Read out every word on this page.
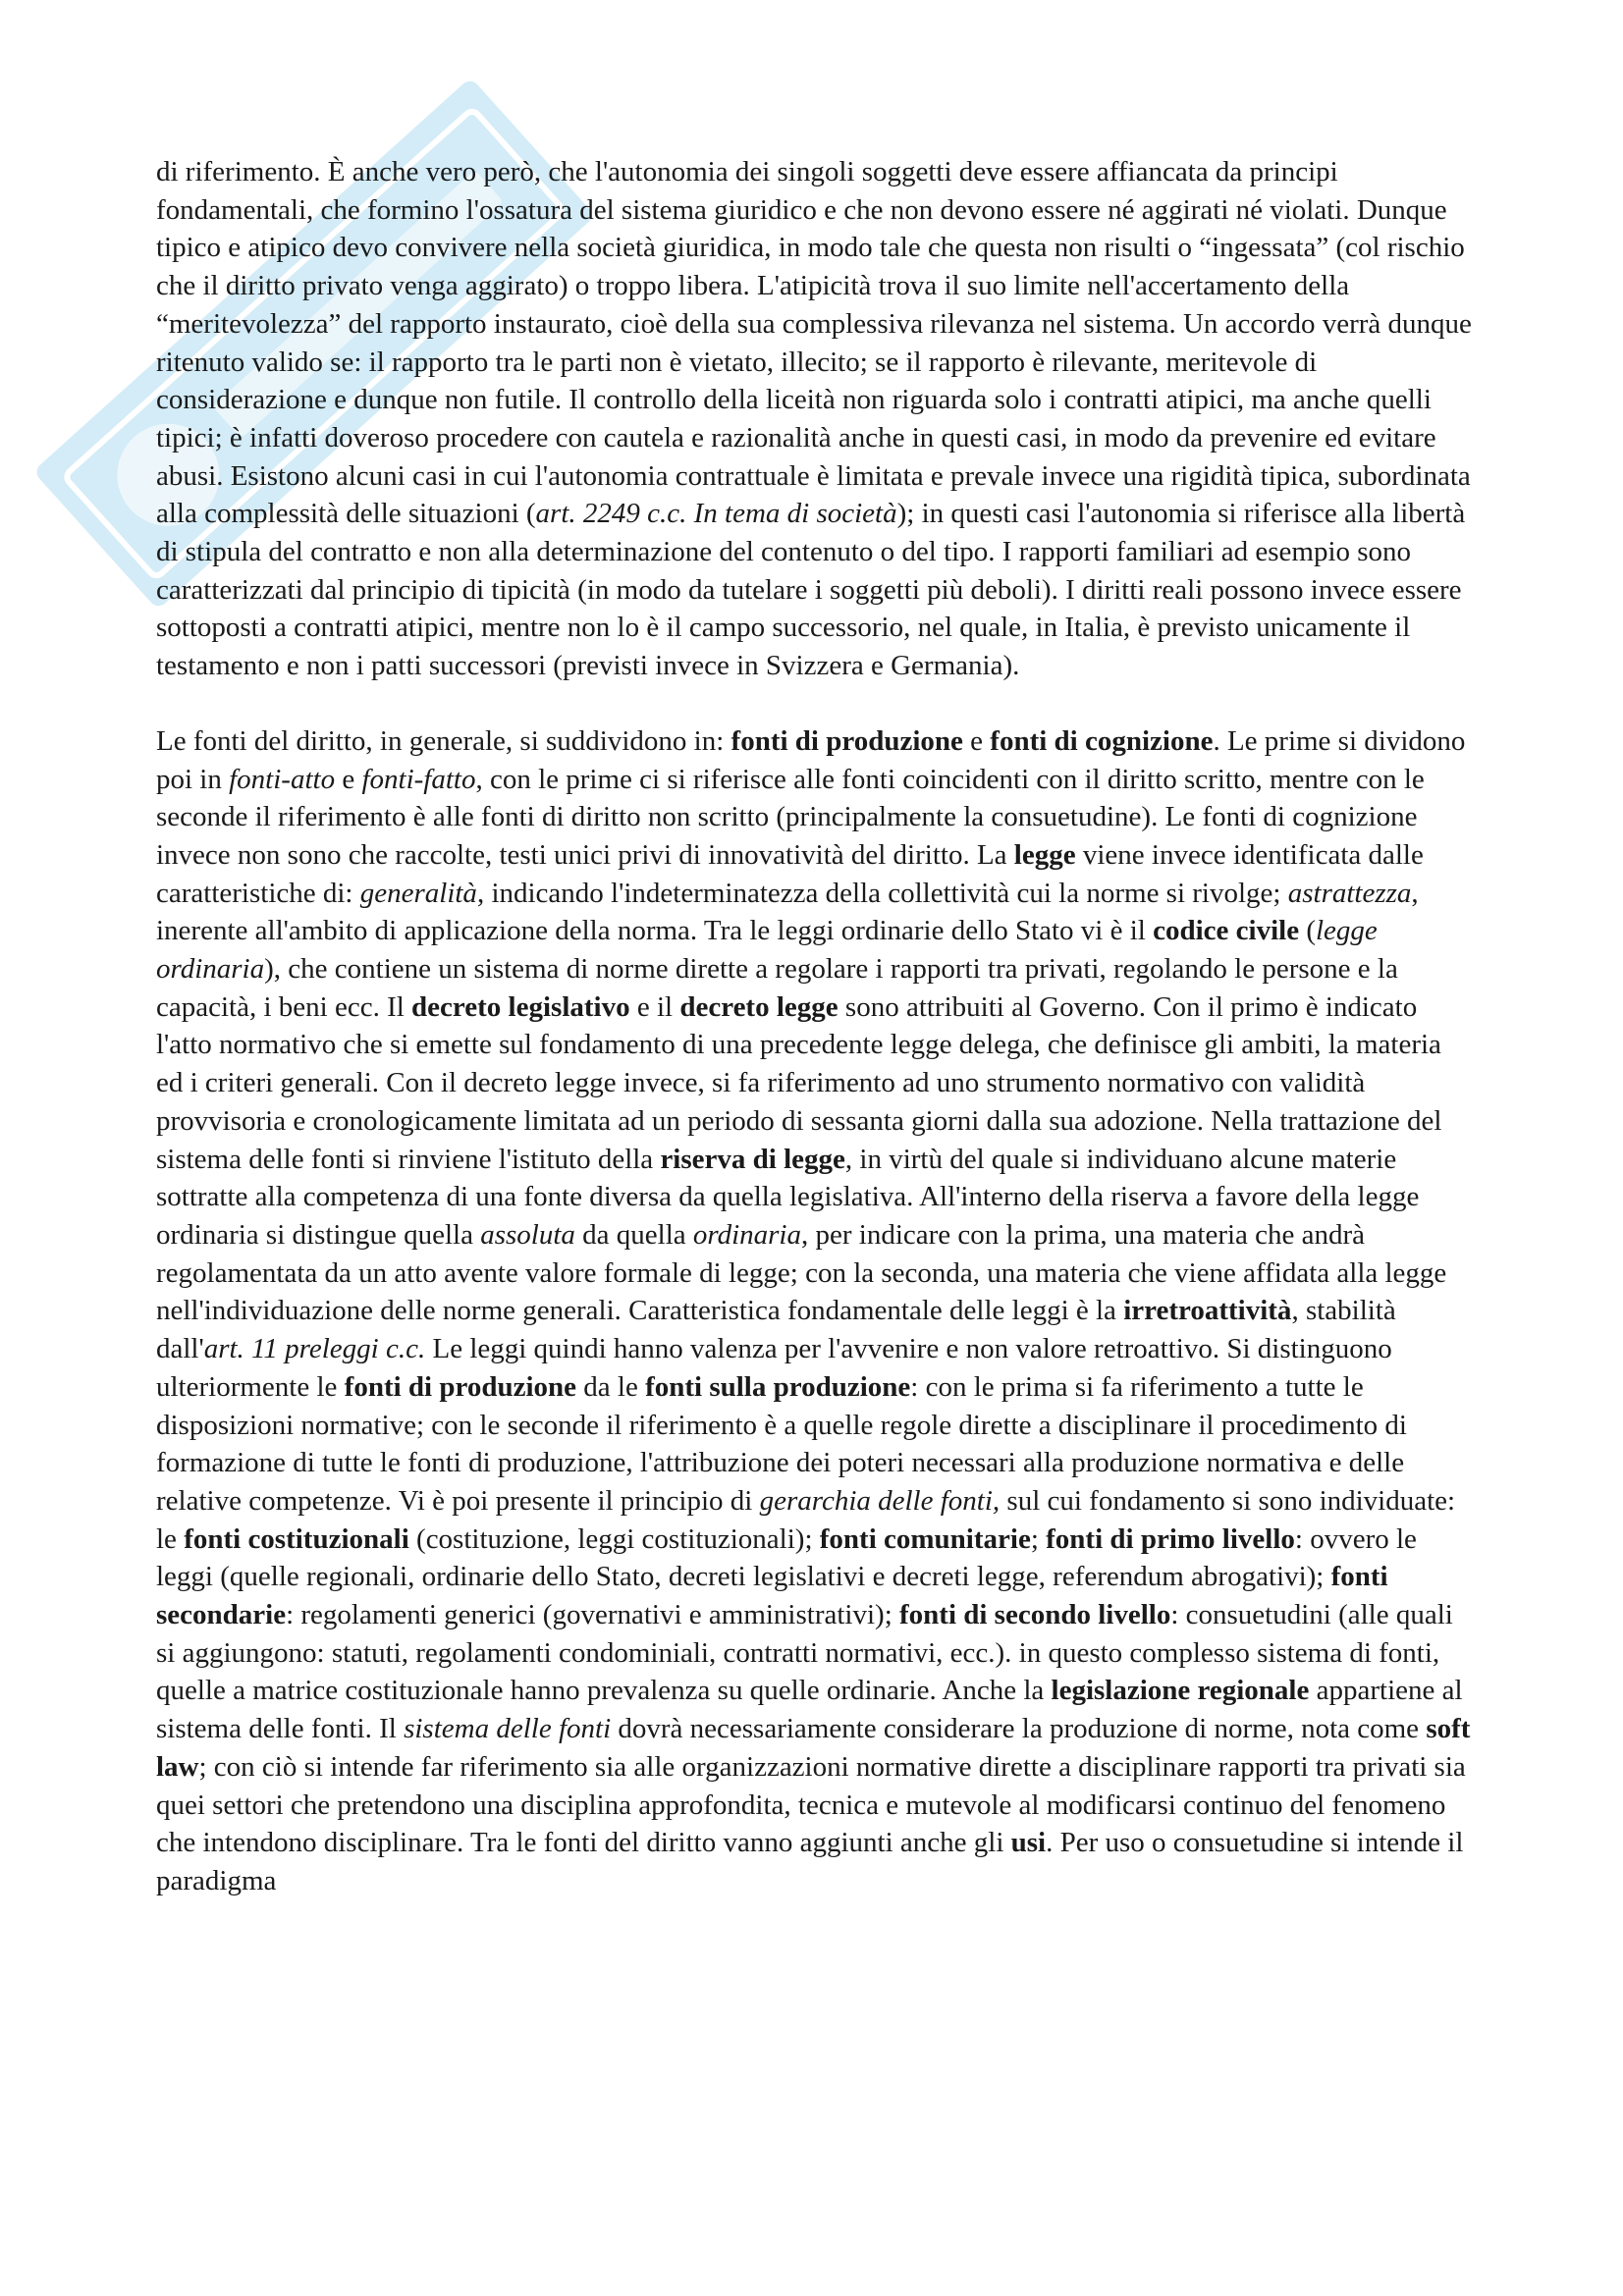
di riferimento. È anche vero però, che l'autonomia dei singoli soggetti deve essere affiancata da principi fondamentali, che formino l'ossatura del sistema giuridico e che non devono essere né aggirati né violati. Dunque tipico e atipico devo convivere nella società giuridica, in modo tale che questa non risulti o “ingessata” (col rischio che il diritto privato venga aggirato) o troppo libera. L'atipicità trova il suo limite nell'accertamento della “meritevolezza” del rapporto instaurato, cioè della sua complessiva rilevanza nel sistema. Un accordo verrà dunque ritenuto valido se: il rapporto tra le parti non è vietato, illecito; se il rapporto è rilevante, meritevole di considerazione e dunque non futile. Il controllo della liceità non riguarda solo i contratti atipici, ma anche quelli tipici; è infatti doveroso procedere con cautela e razionalità anche in questi casi, in modo da prevenire ed evitare abusi. Esistono alcuni casi in cui l'autonomia contrattuale è limitata e prevale invece una rigidità tipica, subordinata alla complessità delle situazioni (art. 2249 c.c. In tema di società); in questi casi l'autonomia si riferisce alla libertà di stipula del contratto e non alla determinazione del contenuto o del tipo. I rapporti familiari ad esempio sono caratterizzati dal principio di tipicità (in modo da tutelare i soggetti più deboli). I diritti reali possono invece essere sottoposti a contratti atipici, mentre non lo è il campo successorio, nel quale, in Italia, è previsto unicamente il testamento e non i patti successori (previsti invece in Svizzera e Germania).

Le fonti del diritto, in generale, si suddividono in: fonti di produzione e fonti di cognizione. Le prime si dividono poi in fonti-atto e fonti-fatto, con le prime ci si riferisce alle fonti coincidenti con il diritto scritto, mentre con le seconde il riferimento è alle fonti di diritto non scritto (principalmente la consuetudine). Le fonti di cognizione invece non sono che raccolte, testi unici privi di innovatività del diritto. La legge viene invece identificata dalle caratteristiche di: generalità, indicando l'indeterminatezza della collettività cui la norme si rivolge; astrattezza, inerente all'ambito di applicazione della norma. Tra le leggi ordinarie dello Stato vi è il codice civile (legge ordinaria), che contiene un sistema di norme dirette a regolare i rapporti tra privati, regolando le persone e la capacità, i beni ecc. Il decreto legislativo e il decreto legge sono attribuiti al Governo. Con il primo è indicato l'atto normativo che si emette sul fondamento di una precedente legge delega, che definisce gli ambiti, la materia ed i criteri generali. Con il decreto legge invece, si fa riferimento ad uno strumento normativo con validità provvisoria e cronologicamente limitata ad un periodo di sessanta giorni dalla sua adozione. Nella trattazione del sistema delle fonti si rinviene l'istituto della riserva di legge, in virtù del quale si individuano alcune materie sottratte alla competenza di una fonte diversa da quella legislativa. All'interno della riserva a favore della legge ordinaria si distingue quella assoluta da quella ordinaria, per indicare con la prima, una materia che andrà regolamentata da un atto avente valore formale di legge; con la seconda, una materia che viene affidata alla legge nell'individuazione delle norme generali. Caratteristica fondamentale delle leggi è la irretroattività, stabilità dall'art. 11 preleggi c.c. Le leggi quindi hanno valenza per l'avvenire e non valore retroattivo. Si distinguono ulteriormente le fonti di produzione da le fonti sulla produzione: con le prima si fa riferimento a tutte le disposizioni normative; con le seconde il riferimento è a quelle regole dirette a disciplinare il procedimento di formazione di tutte le fonti di produzione, l'attribuzione dei poteri necessari alla produzione normativa e delle relative competenze. Vi è poi presente il principio di gerarchia delle fonti, sul cui fondamento si sono individuate: le fonti costituzionali (costituzione, leggi costituzionali); fonti comunitarie; fonti di primo livello: ovvero le leggi (quelle regionali, ordinarie dello Stato, decreti legislativi e decreti legge, referendum abrogativi); fonti secondarie: regolamenti generici (governativi e amministrativi); fonti di secondo livello: consuetudini (alle quali si aggiungono: statuti, regolamenti condominiali, contratti normativi, ecc.). in questo complesso sistema di fonti, quelle a matrice costituzionale hanno prevalenza su quelle ordinarie. Anche la legislazione regionale appartiene al sistema delle fonti. Il sistema delle fonti dovrà necessariamente considerare la produzione di norme, nota come soft law; con ciò si intende far riferimento sia alle organizzazioni normative dirette a disciplinare rapporti tra privati sia quei settori che pretendono una disciplina approfondita, tecnica e mutevole al modificarsi continuo del fenomeno che intendono disciplinare. Tra le fonti del diritto vanno aggiunti anche gli usi. Per uso o consuetudine si intende il paradigma
